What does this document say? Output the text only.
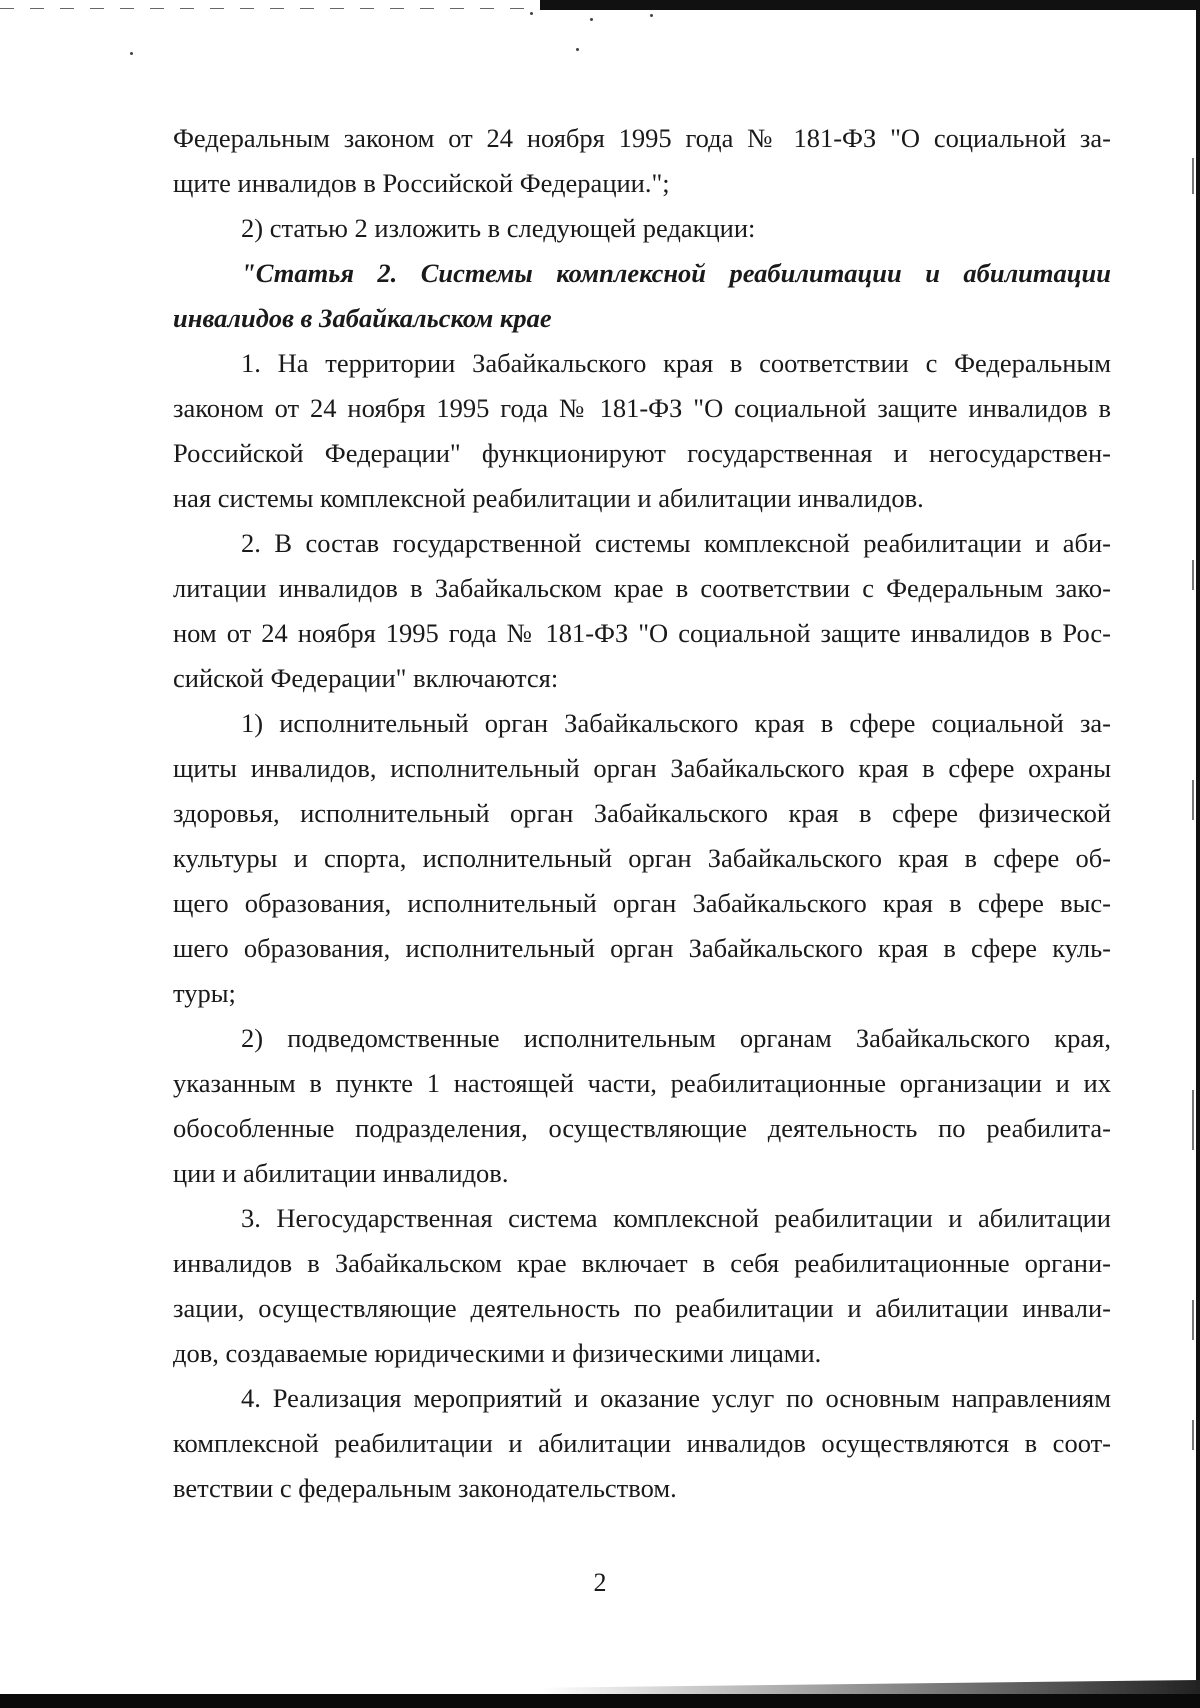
Федеральным законом от 24 ноября 1995 года № 181-ФЗ "О социальной за-
щите инвалидов в Российской Федерации.";
2) статью 2 изложить в следующей редакции:
"Статья 2. Системы комплексной реабилитации и абилитации
инвалидов в Забайкальском крае
1. На территории Забайкальского края в соответствии с Федеральным
законом от 24 ноября 1995 года № 181-ФЗ "О социальной защите инвалидов в
Российской Федерации" функционируют государственная и негосударствен-
ная системы комплексной реабилитации и абилитации инвалидов.
2. В состав государственной системы комплексной реабилитации и аби-
литации инвалидов в Забайкальском крае в соответствии с Федеральным зако-
ном от 24 ноября 1995 года № 181-ФЗ "О социальной защите инвалидов в Рос-
сийской Федерации" включаются:
1) исполнительный орган Забайкальского края в сфере социальной за-
щиты инвалидов, исполнительный орган Забайкальского края в сфере охраны
здоровья, исполнительный орган Забайкальского края в сфере физической
культуры и спорта, исполнительный орган Забайкальского края в сфере об-
щего образования, исполнительный орган Забайкальского края в сфере выс-
шего образования, исполнительный орган Забайкальского края в сфере куль-
туры;
2) подведомственные исполнительным органам Забайкальского края,
указанным в пункте 1 настоящей части, реабилитационные организации и их
обособленные подразделения, осуществляющие деятельность по реабилита-
ции и абилитации инвалидов.
3. Негосударственная система комплексной реабилитации и абилитации
инвалидов в Забайкальском крае включает в себя реабилитационные органи-
зации, осуществляющие деятельность по реабилитации и абилитации инвали-
дов, создаваемые юридическими и физическими лицами.
4. Реализация мероприятий и оказание услуг по основным направлениям
комплексной реабилитации и абилитации инвалидов осуществляются в соот-
ветствии с федеральным законодательством.
2
